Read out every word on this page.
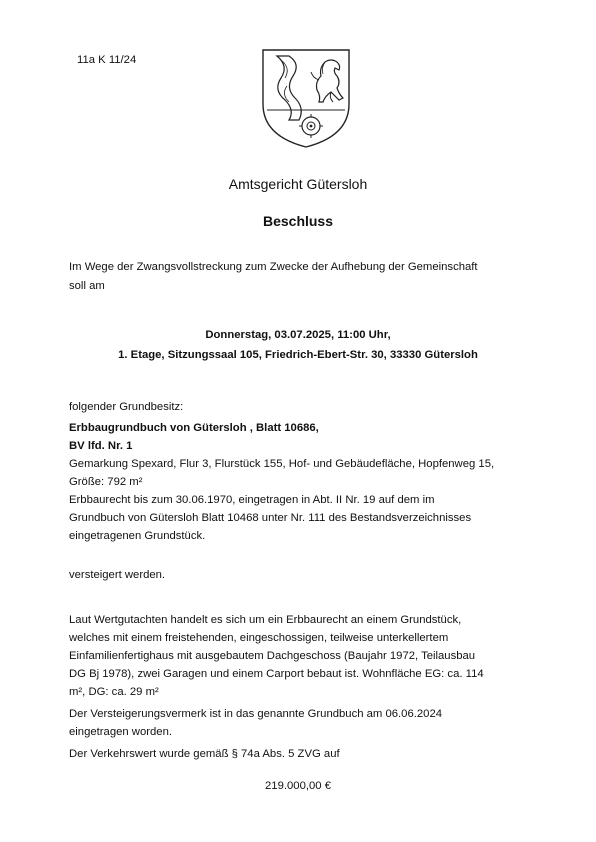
11a K 11/24
Amtsgericht Gütersloh
Beschluss
Im Wege der Zwangsvollstreckung zum Zwecke der Aufhebung der Gemeinschaft
soll am
Donnerstag, 03.07.2025, 11:00 Uhr,
1. Etage, Sitzungssaal 105, Friedrich-Ebert-Str. 30, 33330 Gütersloh
folgender Grundbesitz:
Erbbaugrundbuch von Gütersloh , Blatt 10686,
BV lfd. Nr. 1
Gemarkung Spexard, Flur 3, Flurstück 155, Hof- und Gebäudefläche, Hopfenweg 15,
Größe: 792 m²
Erbbaurecht bis zum 30.06.1970, eingetragen in Abt. II Nr. 19 auf dem im
Grundbuch von Gütersloh Blatt 10468 unter Nr. 111 des Bestandsverzeichnisses
eingetragenen Grundstück.
versteigert werden.
Laut Wertgutachten handelt es sich um ein Erbbaurecht an einem Grundstück,
welches mit einem freistehenden, eingeschossigen, teilweise unterkellertem
Einfamilienfertighaus mit ausgebautem Dachgeschoss (Baujahr 1972, Teilausbau
DG Bj 1978), zwei Garagen und einem Carport bebaut ist. Wohnfläche EG: ca. 114
m², DG: ca. 29 m²
Der Versteigerungsvermerk ist in das genannte Grundbuch am 06.06.2024
eingetragen worden.
Der Verkehrswert wurde gemäß § 74a Abs. 5 ZVG auf
219.000,00 €
